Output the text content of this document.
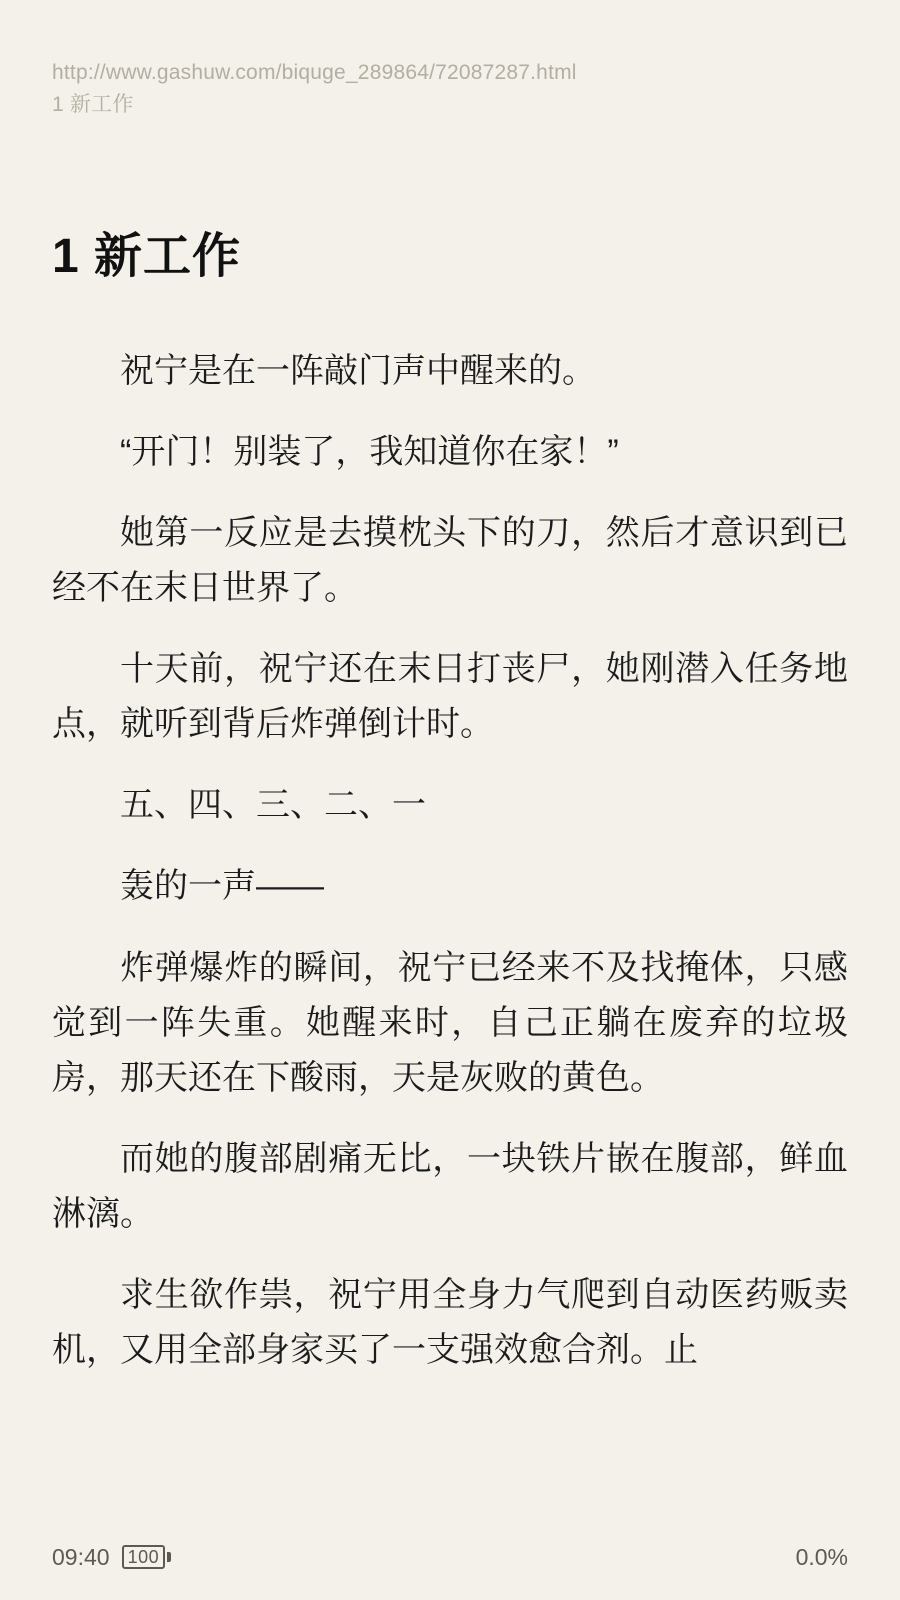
http://www.gashuw.com/biquge_289864/72087287.html
1 新工作
1 新工作

祝宁是在一阵敲门声中醒来的。

“开门！别装了，我知道你在家！”

她第一反应是去摸枕头下的刀，然后才意识到已经不在末日世界了。

十天前，祝宁还在末日打丧尸，她刚潜入任务地点，就听到背后炸弹倒计时。

五、四、三、二、一

轰的一声——

炸弹爆炸的瞬间，祝宁已经来不及找掩体，只感觉到一阵失重。她醒来时，自己正躺在废弃的垃圾房，那天还在下酸雨，天是灰败的黄色。

而她的腹部剧痛无比，一块铁片嵌在腹部，鲜血淋漓。

求生欲作祟，祝宁用全身力气爬到自动医药贩卖机，又用全部身家买了一支强效愈合剂。止

09:40	100	0.0%
